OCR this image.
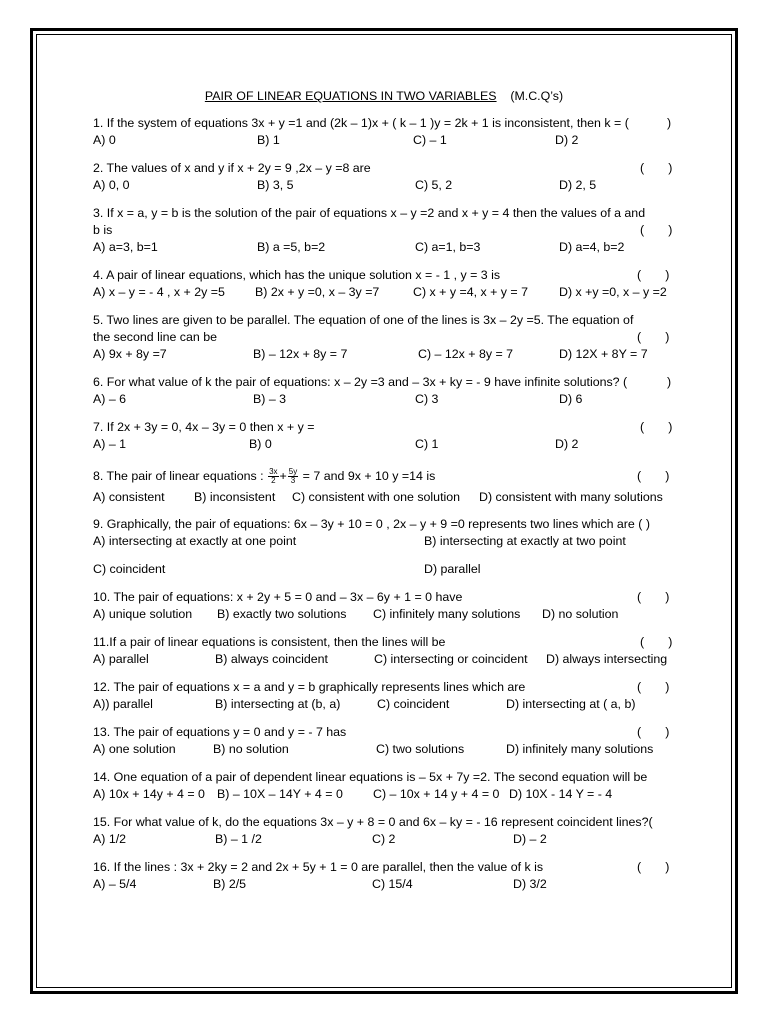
PAIR OF LINEAR EQUATIONS IN TWO VARIABLES (M.C.Q’s)
1. If the system of equations 3x + y =1 and (2k – 1)x + ( k – 1 )y = 2k + 1 is inconsistent, then k = (	)
A) 0	B) 1	C) – 1	D) 2
2. The values of x and y if x + 2y = 9 ,2x – y =8 are	(       )
A) 0, 0	B) 3, 5	C) 5, 2	D) 2, 5
3. If x = a, y = b is the solution of the pair of equations x – y =2 and x + y = 4 then the values of a and
b is	(       )
A) a=3, b=1	B) a =5, b=2	C) a=1, b=3	D) a=4, b=2
4. A pair of linear equations, which has the unique solution x = - 1 , y = 3 is	(       )
A) x – y = - 4 , x + 2y =5 B) 2x + y =0, x – 3y =7	C) x + y =4, x + y = 7 D) x +y =0, x – y =2
5. Two lines are given to be parallel. The equation of one of the lines is 3x – 2y =5. The equation of
the second line can be	(       )
A) 9x + 8y =7	B) – 12x + 8y = 7	C) – 12x + 8y = 7	D) 12X + 8Y = 7
6. For what value of k the pair of equations: x – 2y =3 and – 3x + ky = - 9 have infinite solutions? (	)
A) – 6	B) – 3	C) 3	D) 6
7. If 2x + 3y = 0, 4x – 3y = 0 then x + y =	(       )
A) – 1	B) 0	C) 1	D) 2
8. The pair of linear equations : $\frac{3x}{2} + \frac{5y}{3} = 7$ and 9x + 10 y =14 is	(       )
A) consistent B) inconsistent C) consistent with one solution D) consistent with many solutions
9. Graphically, the pair of equations: 6x – 3y + 10 = 0 , 2x – y + 9 =0 represents two lines which are ( )
A) intersecting at exactly at one point	B) intersecting at exactly at two point
C) coincident	D) parallel
10. The pair of equations: x + 2y + 5 = 0 and – 3x – 6y + 1 = 0 have	(       )
A) unique solution B) exactly two solutions C) infinitely many solutions D) no solution
11.If a pair of linear equations is consistent, then the lines will be	(       )
A) parallel	B) always coincident	C) intersecting or coincident D) always intersecting
12. The pair of equations x = a and y = b graphically represents lines which are	(       )
A)) parallel	B) intersecting at (b, a)	C) coincident	D) intersecting at ( a, b)
13. The pair of equations y = 0 and y = - 7 has	(       )
A) one solution	B) no solution	C) two solutions	D) infinitely many solutions
14. One equation of a pair of dependent linear equations is – 5x + 7y =2. The second equation will be
A) 10x + 14y + 4 = 0 B) – 10X – 14Y + 4 = 0 C) – 10x + 14 y + 4 = 0 D) 10X - 14 Y = - 4
15. For what value of k, do the equations 3x – y + 8 = 0 and 6x – ky = - 16 represent coincident lines?(
A) 1/2	B) – 1 /2	C) 2	D) – 2
16. If the lines : 3x + 2ky = 2 and 2x + 5y + 1 = 0 are parallel, then the value of k is	(       )
A) – 5/4	B) 2/5	C) 15/4	D) 3/2
